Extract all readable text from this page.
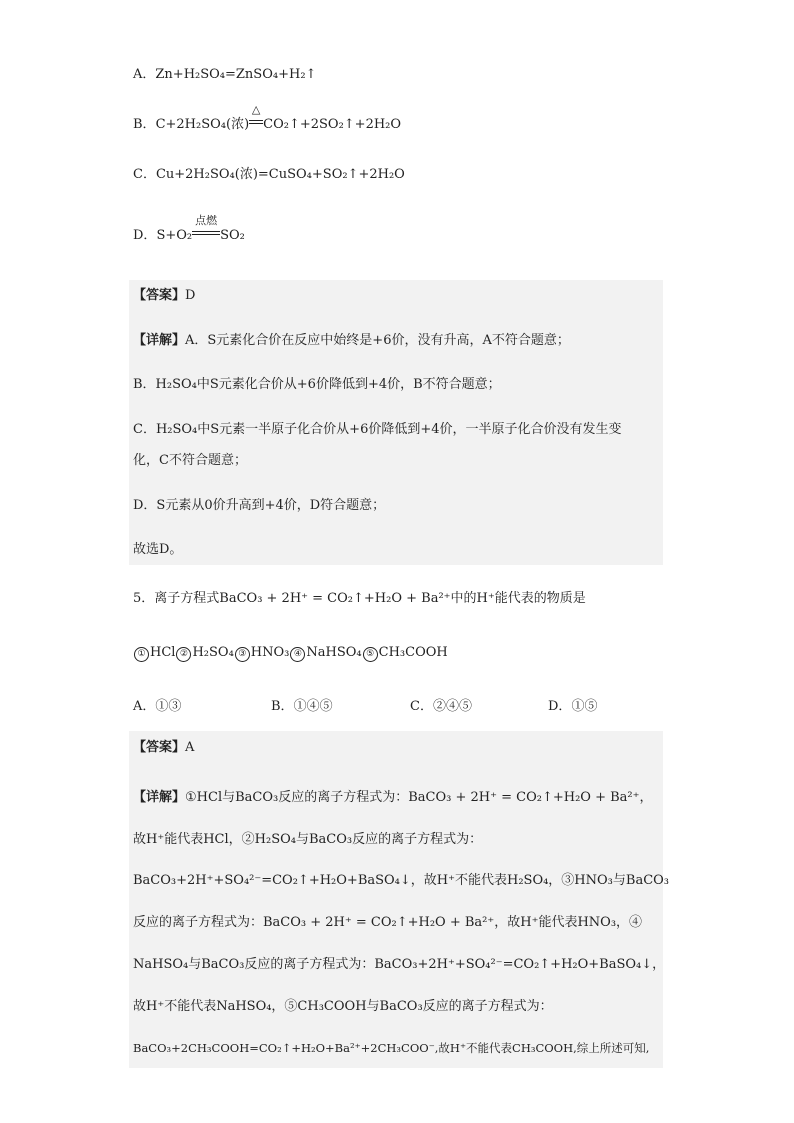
A．Zn+H₂SO₄=ZnSO₄+H₂↑
B．C+2H₂SO₄(浓)
△
CO₂↑+2SO₂↑+2H₂O
C．Cu+2H₂SO₄(浓)=CuSO₄+SO₂↑+2H₂O
D．S+O₂
点燃
SO₂
【答案】D
【详解】A．S元素化合价在反应中始终是+6价，没有升高，A不符合题意；
B．H₂SO₄中S元素化合价从+6价降低到+4价，B不符合题意；
C．H₂SO₄中S元素一半原子化合价从+6价降低到+4价，一半原子化合价没有发生变
化，C不符合题意；
D．S元素从0价升高到+4价，D符合题意；
故选D。
5．离子方程式BaCO₃ + 2H⁺ = CO₂↑+H₂O + Ba²⁺中的H⁺能代表的物质是
① HCl ② H₂SO₄ ③ HNO₃ ④ NaHSO₄ ⑤ CH₃COOH
A．①③	B．①④⑤	C．②④⑤	D．①⑤
【答案】A
【详解】①HCl与BaCO₃反应的离子方程式为：BaCO₃ + 2H⁺ = CO₂↑+H₂O + Ba²⁺，
故H⁺能代表HCl，②H₂SO₄与BaCO₃反应的离子方程式为：
BaCO₃+2H⁺+SO₄²⁻=CO₂↑+H₂O+BaSO₄↓，故H⁺不能代表H₂SO₄，③HNO₃与BaCO₃
反应的离子方程式为：BaCO₃ + 2H⁺ = CO₂↑+H₂O + Ba²⁺，故H⁺能代表HNO₃，④
NaHSO₄与BaCO₃反应的离子方程式为：BaCO₃+2H⁺+SO₄²⁻=CO₂↑+H₂O+BaSO₄↓，
故H⁺不能代表NaHSO₄，⑤CH₃COOH与BaCO₃反应的离子方程式为：
BaCO₃+2CH₃COOH=CO₂↑+H₂O+Ba²⁺+2CH₃COO⁻,故H⁺不能代表CH₃COOH,综上所述可知,
